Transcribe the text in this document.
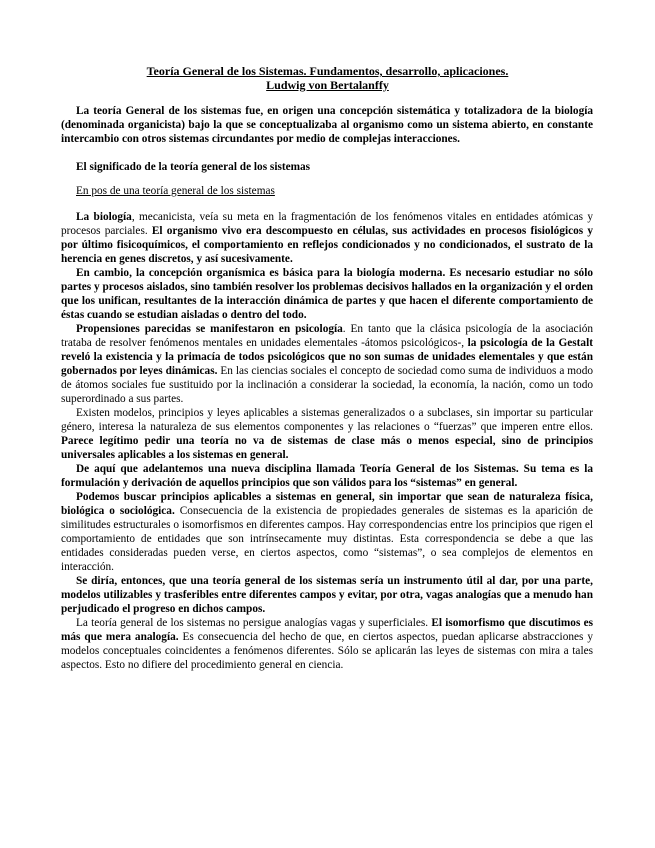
Teoría General de los Sistemas. Fundamentos, desarrollo, aplicaciones.
Ludwig von Bertalanffy

La teoría General de los sistemas fue, en origen una concepción sistemática y totalizadora de la biología (denominada organicista) bajo la que se conceptualizaba al organismo como un sistema abierto, en constante intercambio con otros sistemas circundantes por medio de complejas interacciones.

El significado de la teoría general de los sistemas

En pos de una teoría general de los sistemas

La biología, mecanicista, veía su meta en la fragmentación de los fenómenos vitales en entidades atómicas y procesos parciales. El organismo vivo era descompuesto en células, sus actividades en procesos fisiológicos y por último fisicoquímicos, el comportamiento en reflejos condicionados y no condicionados, el sustrato de la herencia en genes discretos, y así sucesivamente.

En cambio, la concepción organísmica es básica para la biología moderna. Es necesario estudiar no sólo partes y procesos aislados, sino también resolver los problemas decisivos hallados en la organización y el orden que los unifican, resultantes de la interacción dinámica de partes y que hacen el diferente comportamiento de éstas cuando se estudian aisladas o dentro del todo.

Propensiones parecidas se manifestaron en psicología. En tanto que la clásica psicología de la asociación trataba de resolver fenómenos mentales en unidades elementales -átomos psicológicos-, la psicología de la Gestalt reveló la existencia y la primacía de todos psicológicos que no son sumas de unidades elementales y que están gobernados por leyes dinámicas. En las ciencias sociales el concepto de sociedad como suma de individuos a modo de átomos sociales fue sustituido por la inclinación a considerar la sociedad, la economía, la nación, como un todo superordinado a sus partes.

Existen modelos, principios y leyes aplicables a sistemas generalizados o a subclases, sin importar su particular género, interesa la naturaleza de sus elementos componentes y las relaciones o “fuerzas” que imperen entre ellos. Parece legítimo pedir una teoría no va de sistemas de clase más o menos especial, sino de principios universales aplicables a los sistemas en general.

De aquí que adelantemos una nueva disciplina llamada Teoría General de los Sistemas. Su tema es la formulación y derivación de aquellos principios que son válidos para los “sistemas” en general.

Podemos buscar principios aplicables a sistemas en general, sin importar que sean de naturaleza física, biológica o sociológica. Consecuencia de la existencia de propiedades generales de sistemas es la aparición de similitudes estructurales o isomorfismos en diferentes campos. Hay correspondencias entre los principios que rigen el comportamiento de entidades que son intrínsecamente muy distintas. Esta correspondencia se debe a que las entidades consideradas pueden verse, en ciertos aspectos, como “sistemas”, o sea complejos de elementos en interacción.

Se diría, entonces, que una teoría general de los sistemas sería un instrumento útil al dar, por una parte, modelos utilizables y trasferibles entre diferentes campos y evitar, por otra, vagas analogías que a menudo han perjudicado el progreso en dichos campos.

La teoría general de los sistemas no persigue analogías vagas y superficiales. El isomorfismo que discutimos es más que mera analogía. Es consecuencia del hecho de que, en ciertos aspectos, puedan aplicarse abstracciones y modelos conceptuales coincidentes a fenómenos diferentes. Sólo se aplicarán las leyes de sistemas con mira a tales aspectos. Esto no difiere del procedimiento general en ciencia.
